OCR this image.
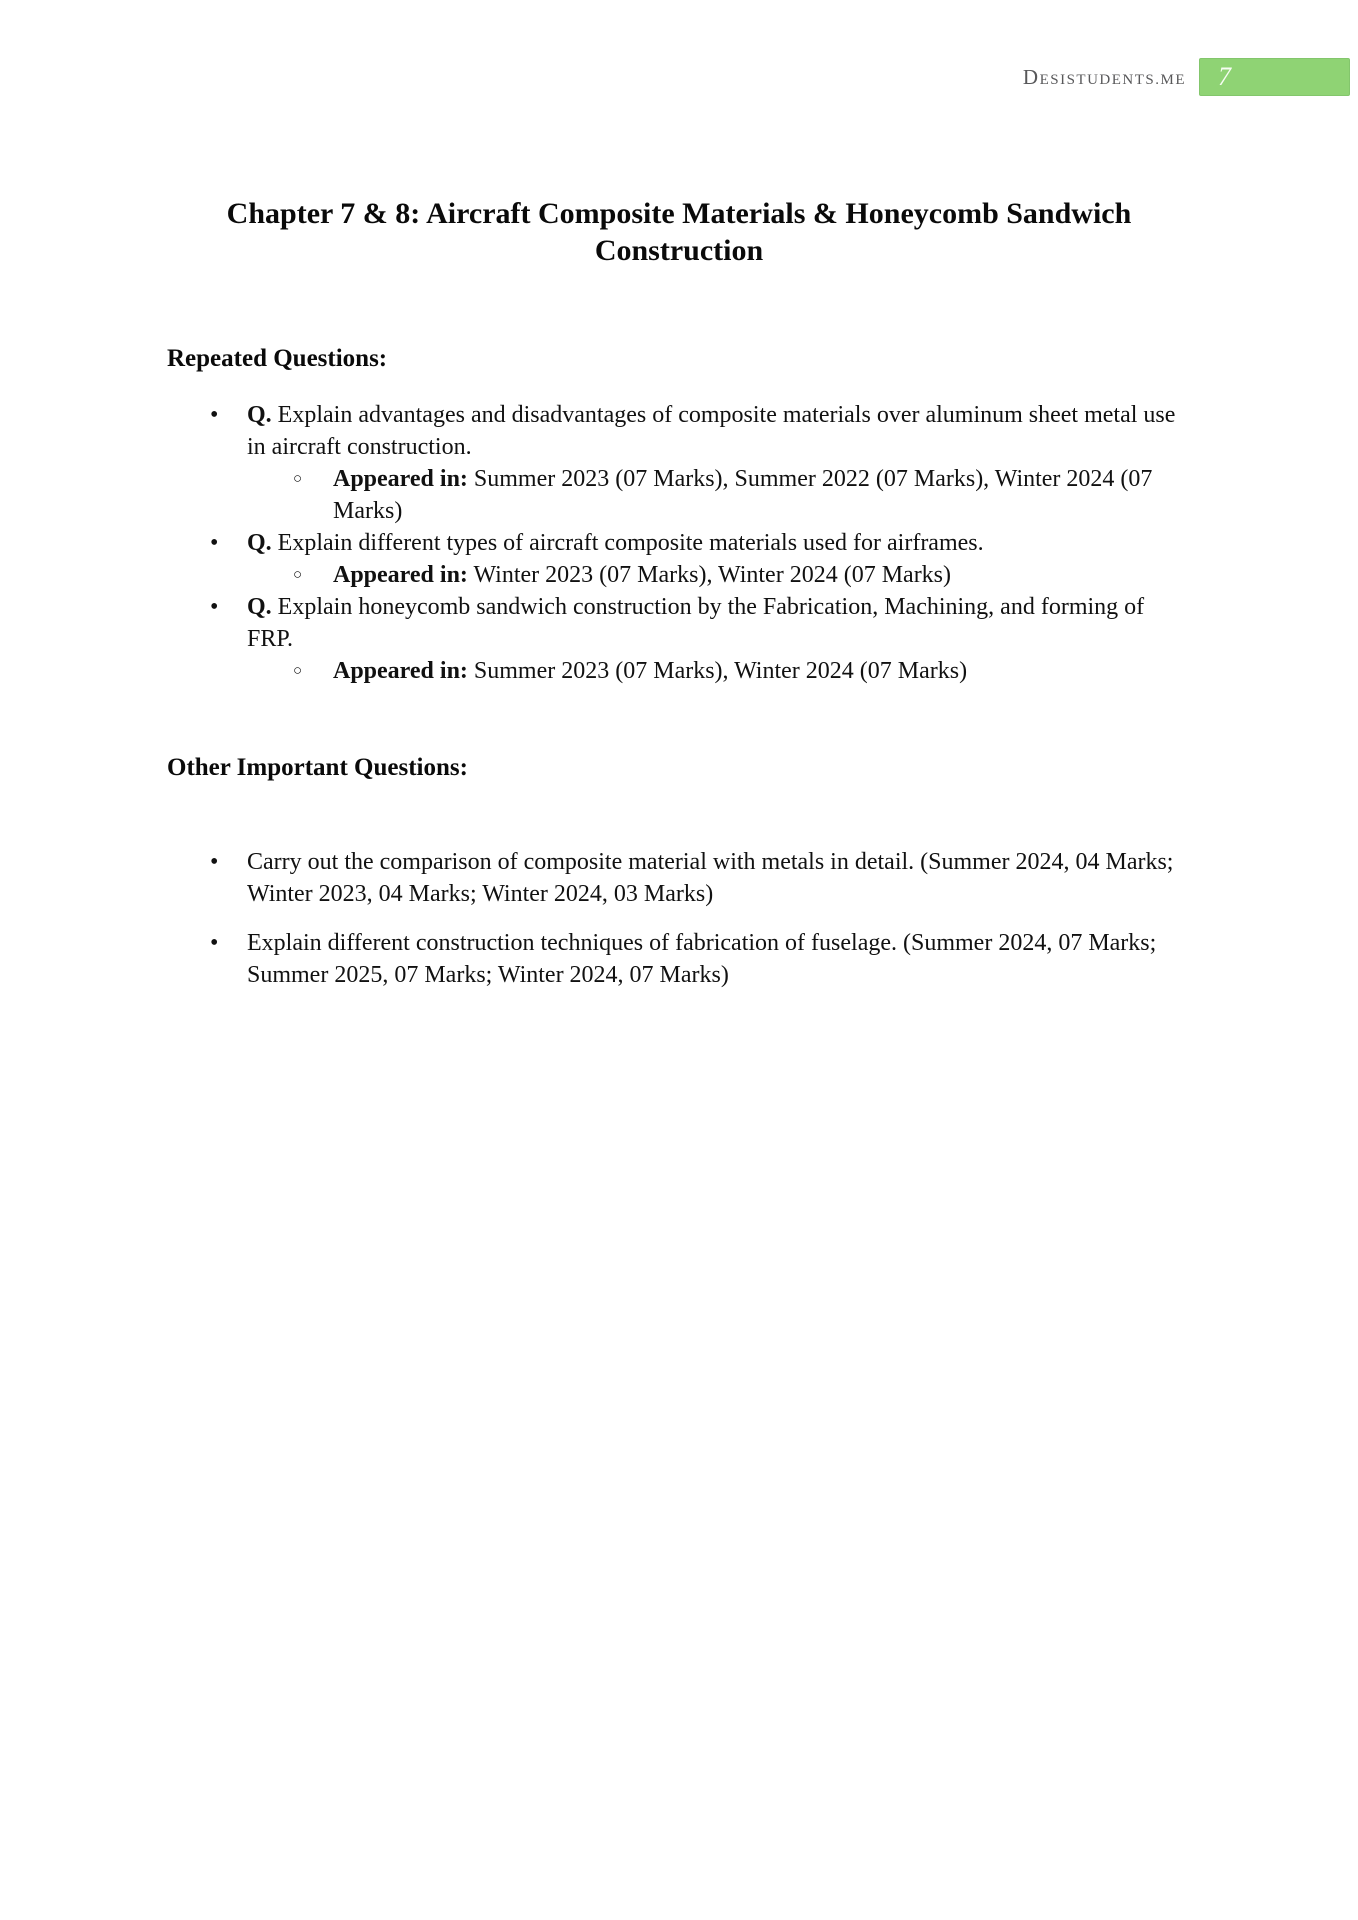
DESISTUDENTS.ME 7
Chapter 7 & 8: Aircraft Composite Materials & Honeycomb Sandwich Construction
Repeated Questions:
•	Q. Explain advantages and disadvantages of composite materials over aluminum sheet metal use in aircraft construction.

○	Appeared in: Summer 2023 (07 Marks), Summer 2022 (07 Marks), Winter 2024 (07 Marks)

•	Q. Explain different types of aircraft composite materials used for airframes.

○	Appeared in: Winter 2023 (07 Marks), Winter 2024 (07 Marks)

•	Q. Explain honeycomb sandwich construction by the Fabrication, Machining, and forming of FRP.

○	Appeared in: Summer 2023 (07 Marks), Winter 2024 (07 Marks)

Other Important Questions:
•	Carry out the comparison of composite material with metals in detail. (Summer 2024, 04 Marks; Winter 2023, 04 Marks; Winter 2024, 03 Marks)

•	Explain different construction techniques of fabrication of fuselage. (Summer 2024, 07 Marks; Summer 2025, 07 Marks; Winter 2024, 07 Marks)
